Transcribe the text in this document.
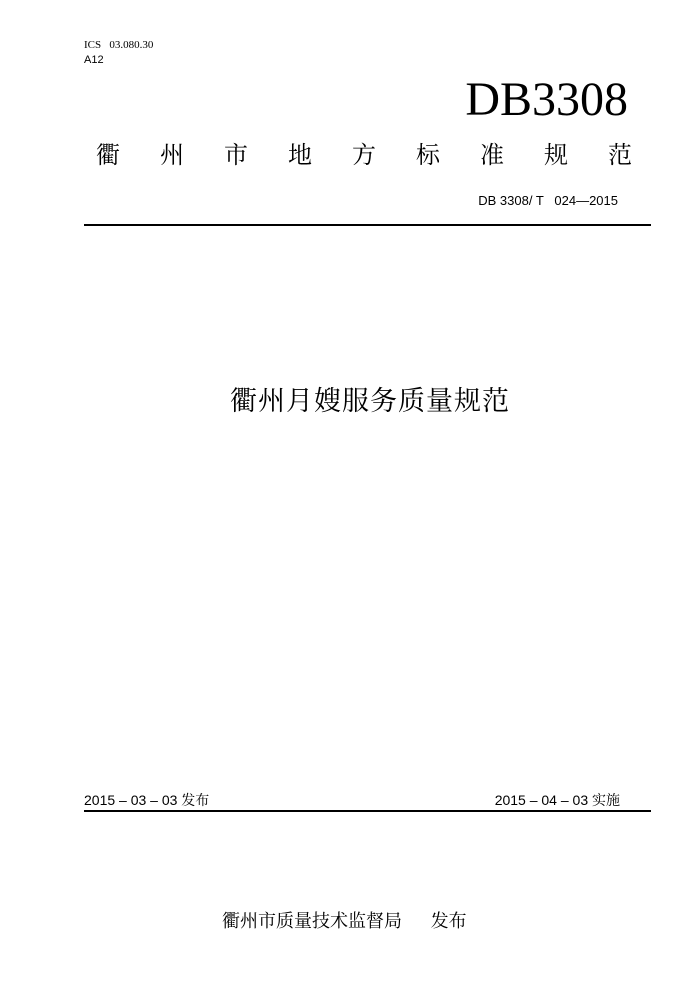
ICS   03.080.30
A12
DB3308
衢 州 市 地 方 标 准 规 范
DB 3308/ T   024—2015
衢州月嫂服务质量规范
2015 – 03 – 03 发布	2015 – 04 – 03 实施
衢州市质量技术监督局     发布
